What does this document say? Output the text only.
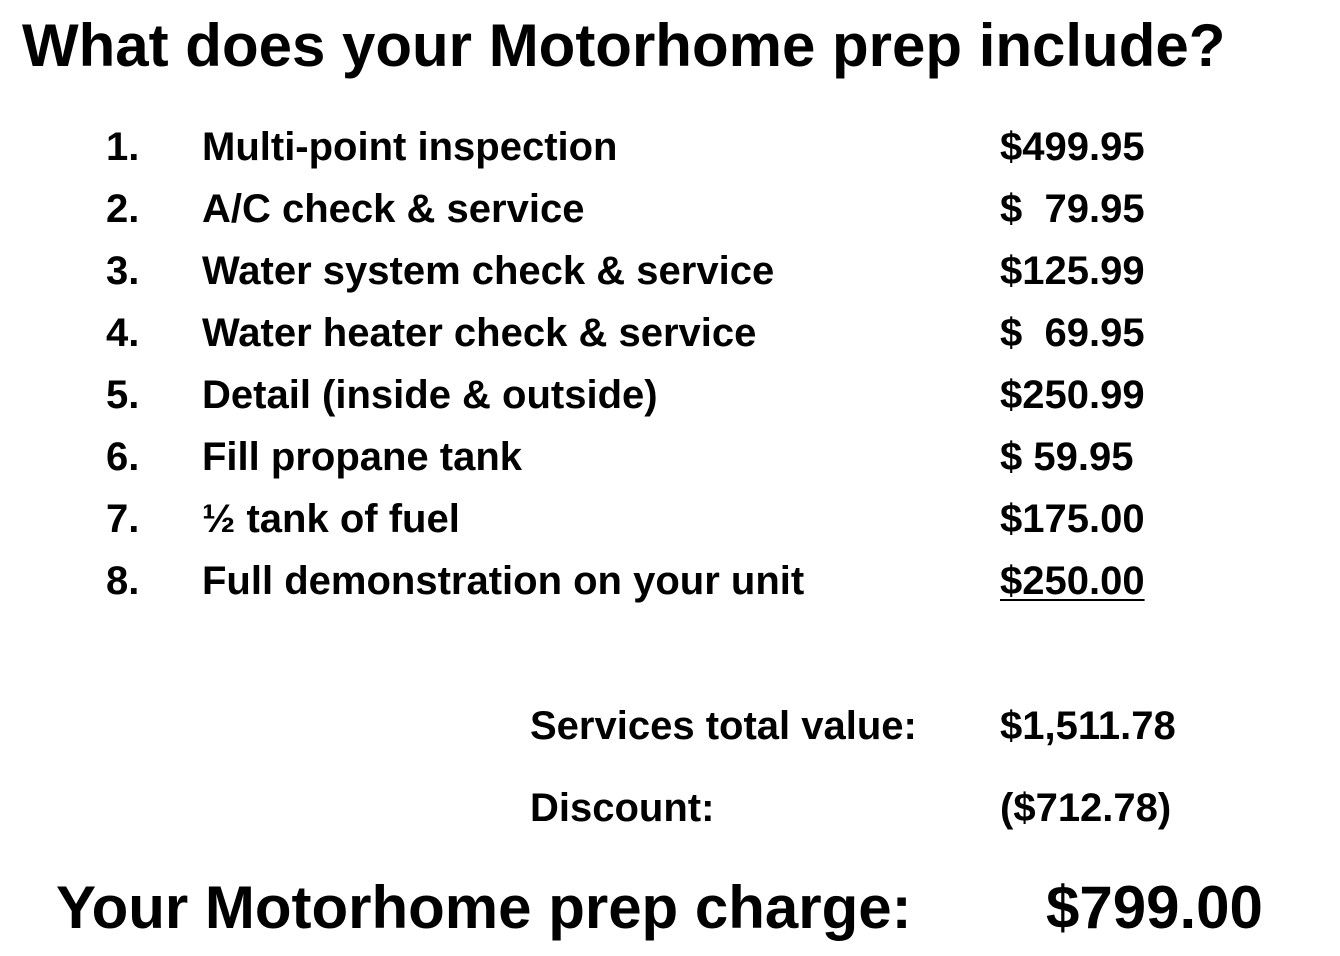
What does your Motorhome prep include?
1. Multi-point inspection	$499.95
2. A/C check & service	$  79.95
3. Water system check & service	$125.99
4. Water heater check & service	$  69.95
5. Detail (inside & outside)	$250.99
6. Fill propane tank	$ 59.95
7. ½ tank of fuel	$175.00
8. Full demonstration on your unit	$250.00
Services total value: $1,511.78
Discount:	($712.78)
Your Motorhome prep charge: $799.00
